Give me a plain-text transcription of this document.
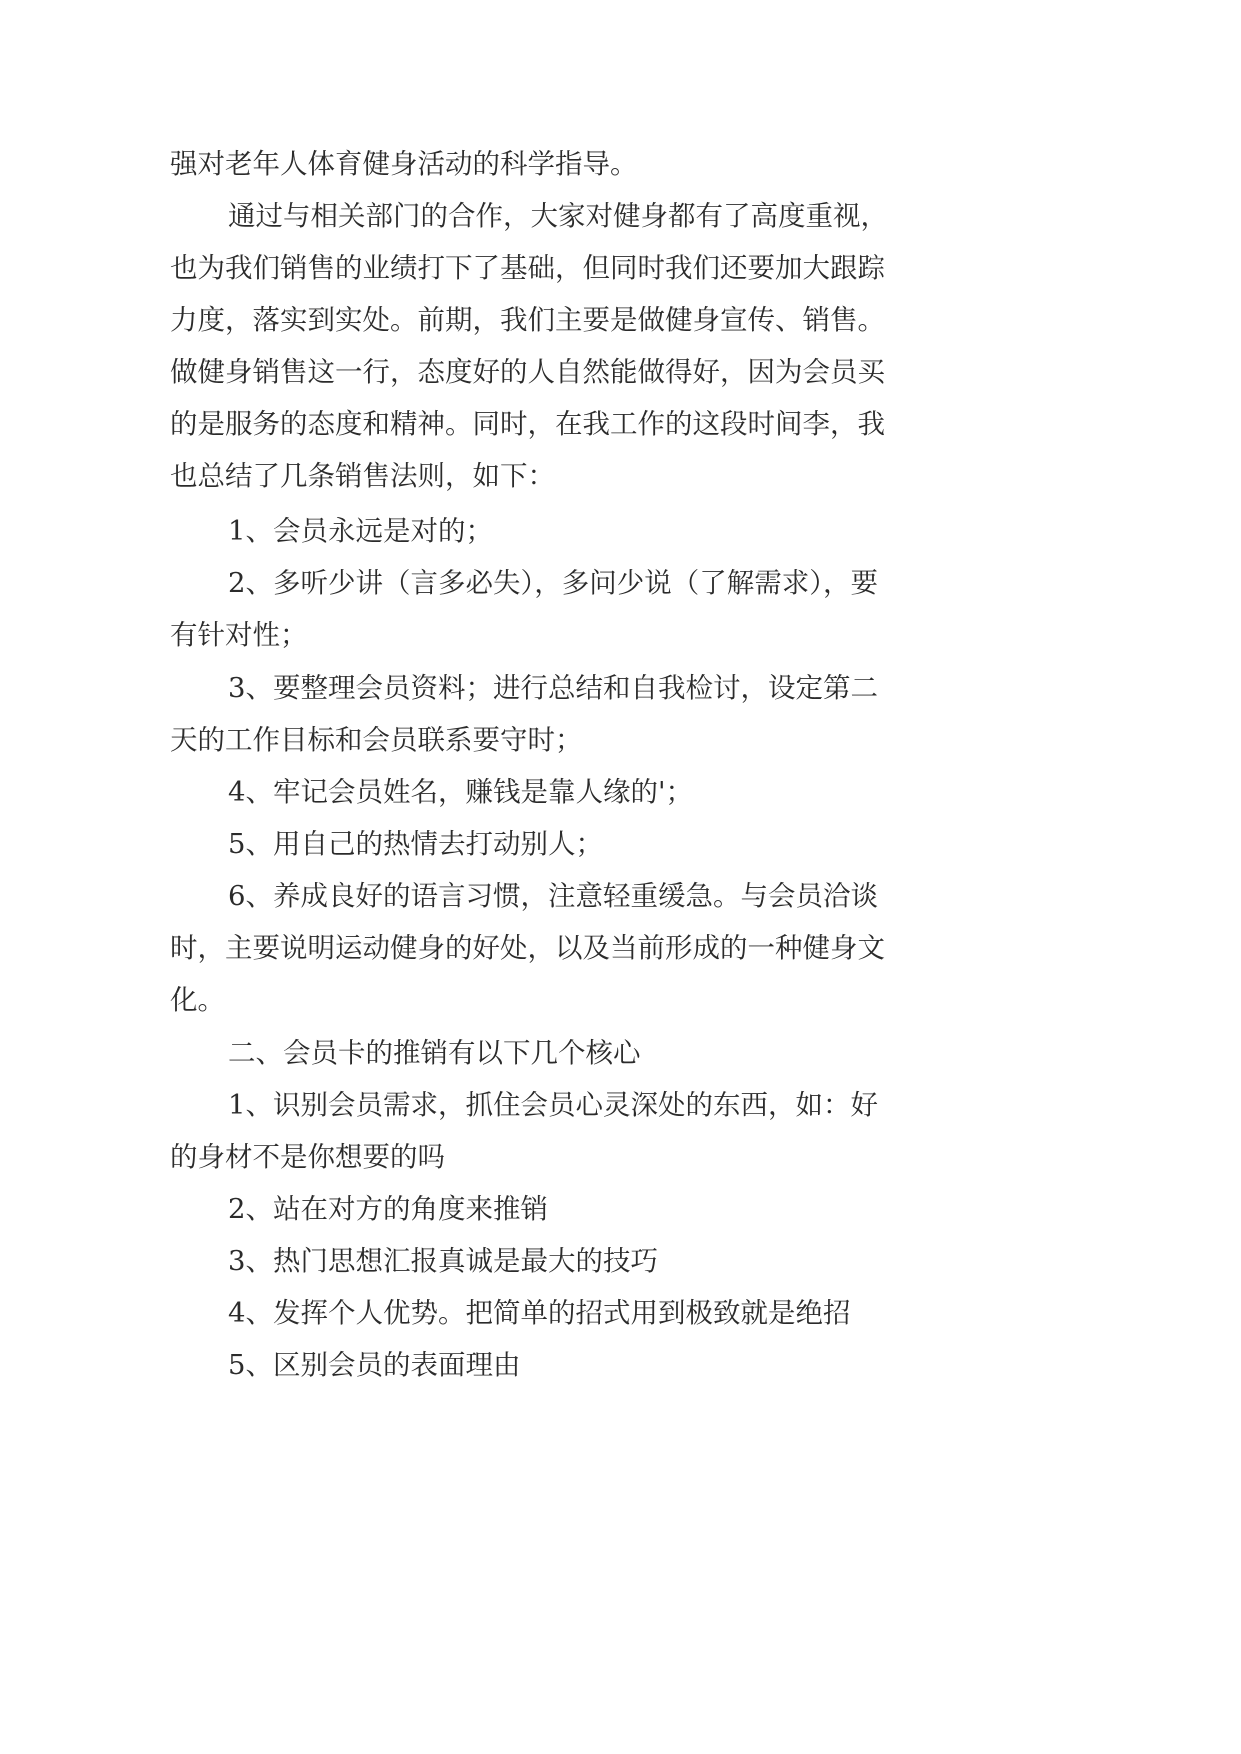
强对老年人体育健身活动的科学指导。
通过与相关部门的合作，大家对健身都有了高度重视，
也为我们销售的业绩打下了基础，但同时我们还要加大跟踪
力度，落实到实处。前期，我们主要是做健身宣传、销售。
做健身销售这一行，态度好的人自然能做得好，因为会员买
的是服务的态度和精神。同时，在我工作的这段时间李，我
也总结了几条销售法则，如下：
1、会员永远是对的；
2、多听少讲（言多必失），多问少说（了解需求），要
有针对性；
3、要整理会员资料；进行总结和自我检讨，设定第二
天的工作目标和会员联系要守时；
4、牢记会员姓名，赚钱是靠人缘的'；
5、用自己的热情去打动别人；
6、养成良好的语言习惯，注意轻重缓急。与会员洽谈
时，主要说明运动健身的好处，以及当前形成的一种健身文
化。
二、会员卡的推销有以下几个核心
1、识别会员需求，抓住会员心灵深处的东西，如：好
的身材不是你想要的吗
2、站在对方的角度来推销
3、热门思想汇报真诚是最大的技巧
4、发挥个人优势。把简单的招式用到极致就是绝招
5、区别会员的表面理由
